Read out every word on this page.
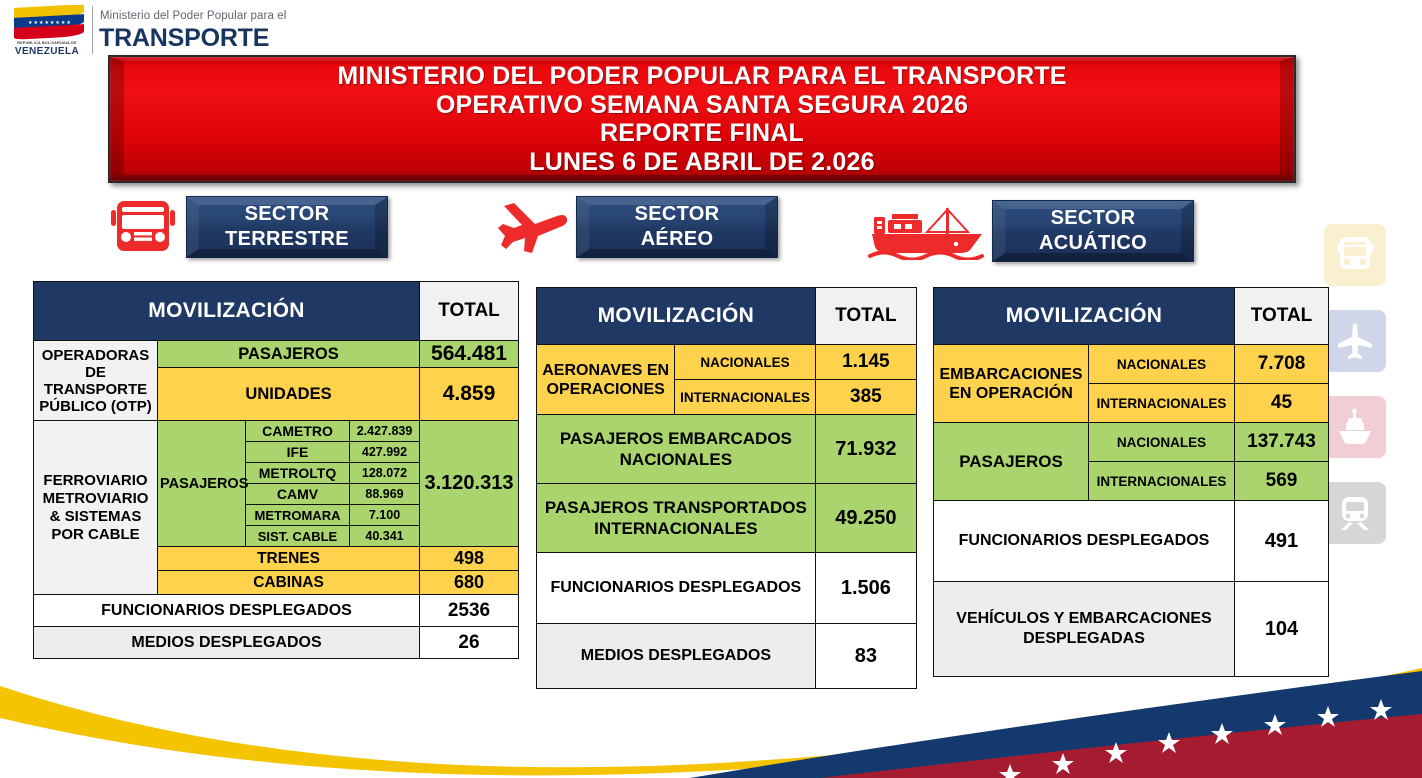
★★★★★★★★
REPÚBLICA BOLIVARIANA DE
VENEZUELA
Ministerio del Poder Popular para el
TRANSPORTE
MINISTERIO DEL PODER POPULAR PARA EL TRANSPORTE
OPERATIVO SEMANA SANTA SEGURA 2026
REPORTE FINAL
LUNES 6 DE ABRIL DE 2.026
SECTOR
TERRESTRE
SECTOR
AÉREO
SECTOR
ACUÁTICO
MOVILIZACIÓN				TOTAL
OPERADORAS DE TRANSPORTE PÚBLICO (OTP)	PASAJEROS			564.481
	UNIDADES			4.859
FERROVIARIO METROVIARIO & SISTEMAS POR CABLE	PASAJEROS	CAMETRO	2.427.839	3.120.313
		IFE	427.992	
		METROLTQ	128.072	
		CAMV	88.969	
		METROMARA	7.100	
		SIST. CABLE	40.341	
	TRENES			498
	CABINAS			680
FUNCIONARIOS DESPLEGADOS				2536
MEDIOS DESPLEGADOS				26
MOVILIZACIÓN		TOTAL
AERONAVES EN OPERACIONES	NACIONALES	1.145
	INTERNACIONALES	385
PASAJEROS EMBARCADOS NACIONALES		71.932
PASAJEROS TRANSPORTADOS INTERNACIONALES		49.250
FUNCIONARIOS DESPLEGADOS		1.506
MEDIOS DESPLEGADOS		83
MOVILIZACIÓN		TOTAL
EMBARCACIONES EN OPERACIÓN	NACIONALES	7.708
	INTERNACIONALES	45
PASAJEROS	NACIONALES	137.743
	INTERNACIONALES	569
FUNCIONARIOS DESPLEGADOS		491
VEHÍCULOS Y EMBARCACIONES DESPLEGADAS		104
